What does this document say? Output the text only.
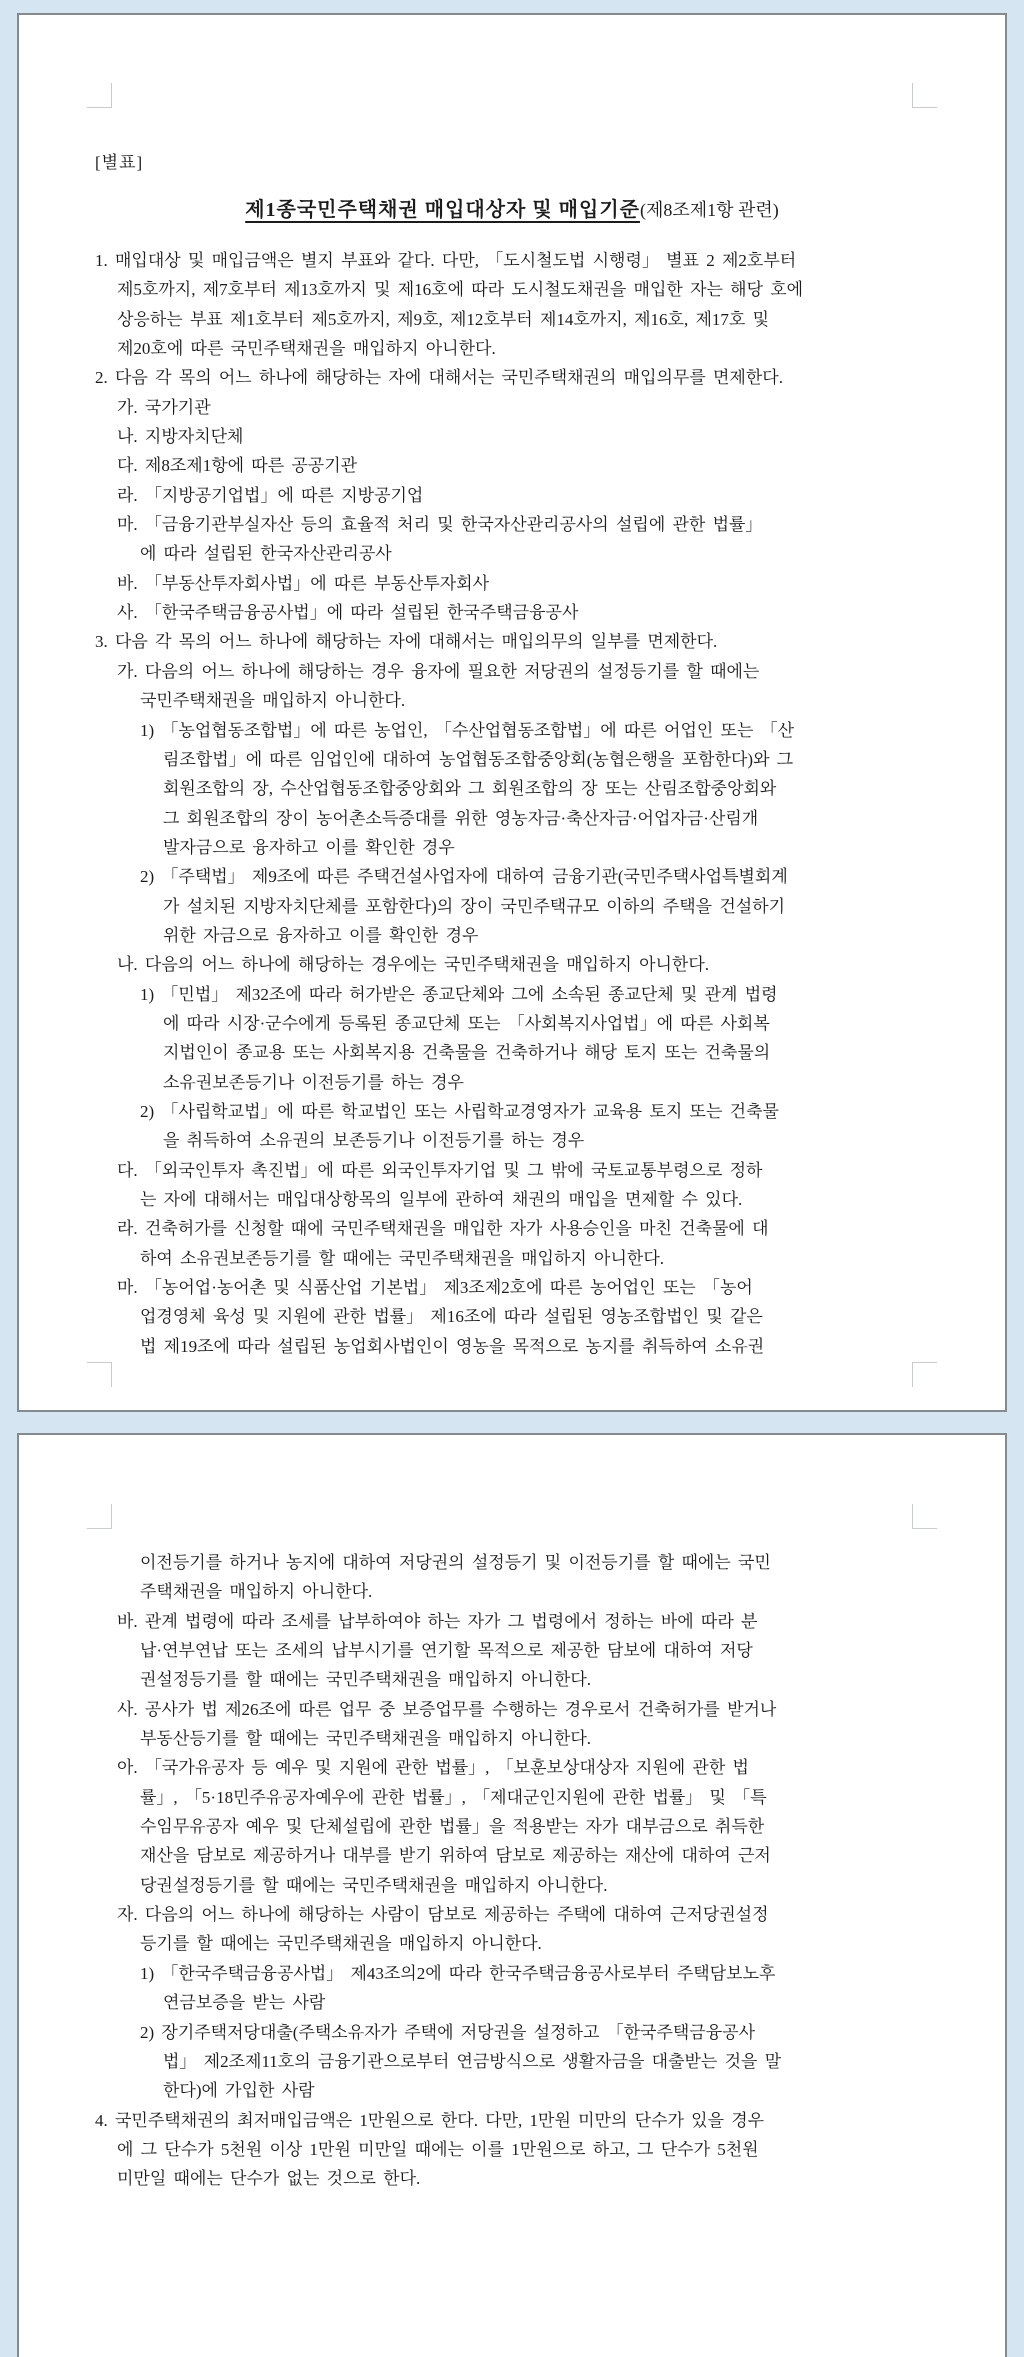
[별표]
제1종국민주택채권 매입대상자 및 매입기준(제8조제1항 관련)
1. 매입대상 및 매입금액은 별지 부표와 같다. 다만, 「도시철도법 시행령」 별표 2 제2호부터
제5호까지, 제7호부터 제13호까지 및 제16호에 따라 도시철도채권을 매입한 자는 해당 호에
상응하는 부표 제1호부터 제5호까지, 제9호, 제12호부터 제14호까지, 제16호, 제17호 및
제20호에 따른 국민주택채권을 매입하지 아니한다.
2. 다음 각 목의 어느 하나에 해당하는 자에 대해서는 국민주택채권의 매입의무를 면제한다.
가. 국가기관
나. 지방자치단체
다. 제8조제1항에 따른 공공기관
라. 「지방공기업법」에 따른 지방공기업
마. 「금융기관부실자산 등의 효율적 처리 및 한국자산관리공사의 설립에 관한 법률」
에 따라 설립된 한국자산관리공사
바. 「부동산투자회사법」에 따른 부동산투자회사
사. 「한국주택금융공사법」에 따라 설립된 한국주택금융공사
3. 다음 각 목의 어느 하나에 해당하는 자에 대해서는 매입의무의 일부를 면제한다.
가. 다음의 어느 하나에 해당하는 경우 융자에 필요한 저당권의 설정등기를 할 때에는
국민주택채권을 매입하지 아니한다.
1) 「농업협동조합법」에 따른 농업인, 「수산업협동조합법」에 따른 어업인 또는 「산
림조합법」에 따른 임업인에 대하여 농업협동조합중앙회(농협은행을 포함한다)와 그
회원조합의 장, 수산업협동조합중앙회와 그 회원조합의 장 또는 산림조합중앙회와
그 회원조합의 장이 농어촌소득증대를 위한 영농자금·축산자금·어업자금·산림개
발자금으로 융자하고 이를 확인한 경우
2) 「주택법」 제9조에 따른 주택건설사업자에 대하여 금융기관(국민주택사업특별회계
가 설치된 지방자치단체를 포함한다)의 장이 국민주택규모 이하의 주택을 건설하기
위한 자금으로 융자하고 이를 확인한 경우
나. 다음의 어느 하나에 해당하는 경우에는 국민주택채권을 매입하지 아니한다.
1) 「민법」 제32조에 따라 허가받은 종교단체와 그에 소속된 종교단체 및 관계 법령
에 따라 시장·군수에게 등록된 종교단체 또는 「사회복지사업법」에 따른 사회복
지법인이 종교용 또는 사회복지용 건축물을 건축하거나 해당 토지 또는 건축물의
소유권보존등기나 이전등기를 하는 경우
2) 「사립학교법」에 따른 학교법인 또는 사립학교경영자가 교육용 토지 또는 건축물
을 취득하여 소유권의 보존등기나 이전등기를 하는 경우
다. 「외국인투자 촉진법」에 따른 외국인투자기업 및 그 밖에 국토교통부령으로 정하
는 자에 대해서는 매입대상항목의 일부에 관하여 채권의 매입을 면제할 수 있다.
라. 건축허가를 신청할 때에 국민주택채권을 매입한 자가 사용승인을 마친 건축물에 대
하여 소유권보존등기를 할 때에는 국민주택채권을 매입하지 아니한다.
마. 「농어업·농어촌 및 식품산업 기본법」 제3조제2호에 따른 농어업인 또는 「농어
업경영체 육성 및 지원에 관한 법률」 제16조에 따라 설립된 영농조합법인 및 같은
법 제19조에 따라 설립된 농업회사법인이 영농을 목적으로 농지를 취득하여 소유권
이전등기를 하거나 농지에 대하여 저당권의 설정등기 및 이전등기를 할 때에는 국민
주택채권을 매입하지 아니한다.
바. 관계 법령에 따라 조세를 납부하여야 하는 자가 그 법령에서 정하는 바에 따라 분
납·연부연납 또는 조세의 납부시기를 연기할 목적으로 제공한 담보에 대하여 저당
권설정등기를 할 때에는 국민주택채권을 매입하지 아니한다.
사. 공사가 법 제26조에 따른 업무 중 보증업무를 수행하는 경우로서 건축허가를 받거나
부동산등기를 할 때에는 국민주택채권을 매입하지 아니한다.
아. 「국가유공자 등 예우 및 지원에 관한 법률」, 「보훈보상대상자 지원에 관한 법
률」, 「5·18민주유공자예우에 관한 법률」, 「제대군인지원에 관한 법률」 및 「특
수임무유공자 예우 및 단체설립에 관한 법률」을 적용받는 자가 대부금으로 취득한
재산을 담보로 제공하거나 대부를 받기 위하여 담보로 제공하는 재산에 대하여 근저
당권설정등기를 할 때에는 국민주택채권을 매입하지 아니한다.
자. 다음의 어느 하나에 해당하는 사람이 담보로 제공하는 주택에 대하여 근저당권설정
등기를 할 때에는 국민주택채권을 매입하지 아니한다.
1) 「한국주택금융공사법」 제43조의2에 따라 한국주택금융공사로부터 주택담보노후
연금보증을 받는 사람
2) 장기주택저당대출(주택소유자가 주택에 저당권을 설정하고 「한국주택금융공사
법」 제2조제11호의 금융기관으로부터 연금방식으로 생활자금을 대출받는 것을 말
한다)에 가입한 사람
4. 국민주택채권의 최저매입금액은 1만원으로 한다. 다만, 1만원 미만의 단수가 있을 경우
에 그 단수가 5천원 이상 1만원 미만일 때에는 이를 1만원으로 하고, 그 단수가 5천원
미만일 때에는 단수가 없는 것으로 한다.
